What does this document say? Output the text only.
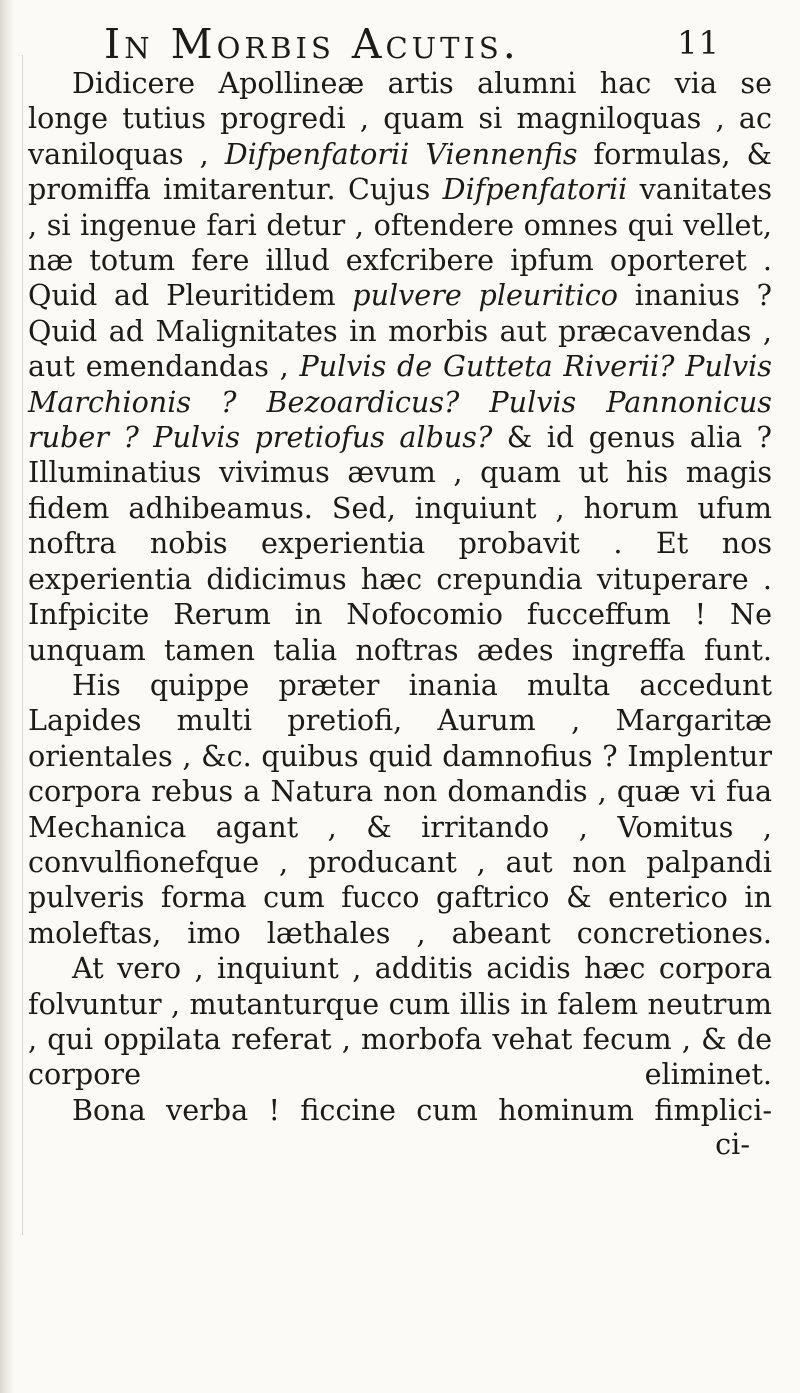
In Morbis Acutis.	11

Didicere Apollineæ artis alumni hac via se longe tutius progredi , quam si magniloquas , ac vaniloquas , Difpenfatorii Viennenfis formulas, & promiffa imitarentur. Cujus Difpenfatorii vanitates , si ingenue fari detur , oftendere omnes qui vellet, næ totum fere illud exfcribere ipfum oporteret . Quid ad Pleuritidem pulvere pleuritico inanius ? Quid ad Malignitates in morbis aut præcavendas , aut emendandas , Pulvis de Gutteta Riverii? Pulvis Marchionis ? Bezoardicus? Pulvis Pannonicus ruber ? Pulvis pretiofus albus? & id genus alia ? Illuminatius vivimus ævum , quam ut his magis fidem adhibeamus. Sed, inquiunt , horum ufum noftra nobis experientia probavit . Et nos experientia didicimus hæc crepundia vituperare . Infpicite Rerum in Nofocomio fucceffum ! Ne unquam tamen talia noftras ædes ingreffa funt.

His quippe præter inania multa accedunt Lapides multi pretiofi, Aurum , Margaritæ orientales , &c. quibus quid damnofius ? Implentur corpora rebus a Natura non domandis , quæ vi fua Mechanica agant , & irritando , Vomitus , convulfionefque , producant , aut non palpandi pulveris forma cum fucco gaftrico & enterico in moleftas, imo læthales , abeant concretiones.

At vero , inquiunt , additis acidis hæc corpora folvuntur , mutanturque cum illis in falem neutrum , qui oppilata referat , morbofa vehat fecum , & de corpore eliminet.

Bona verba ! ficcine cum hominum fimplici-

ci-
